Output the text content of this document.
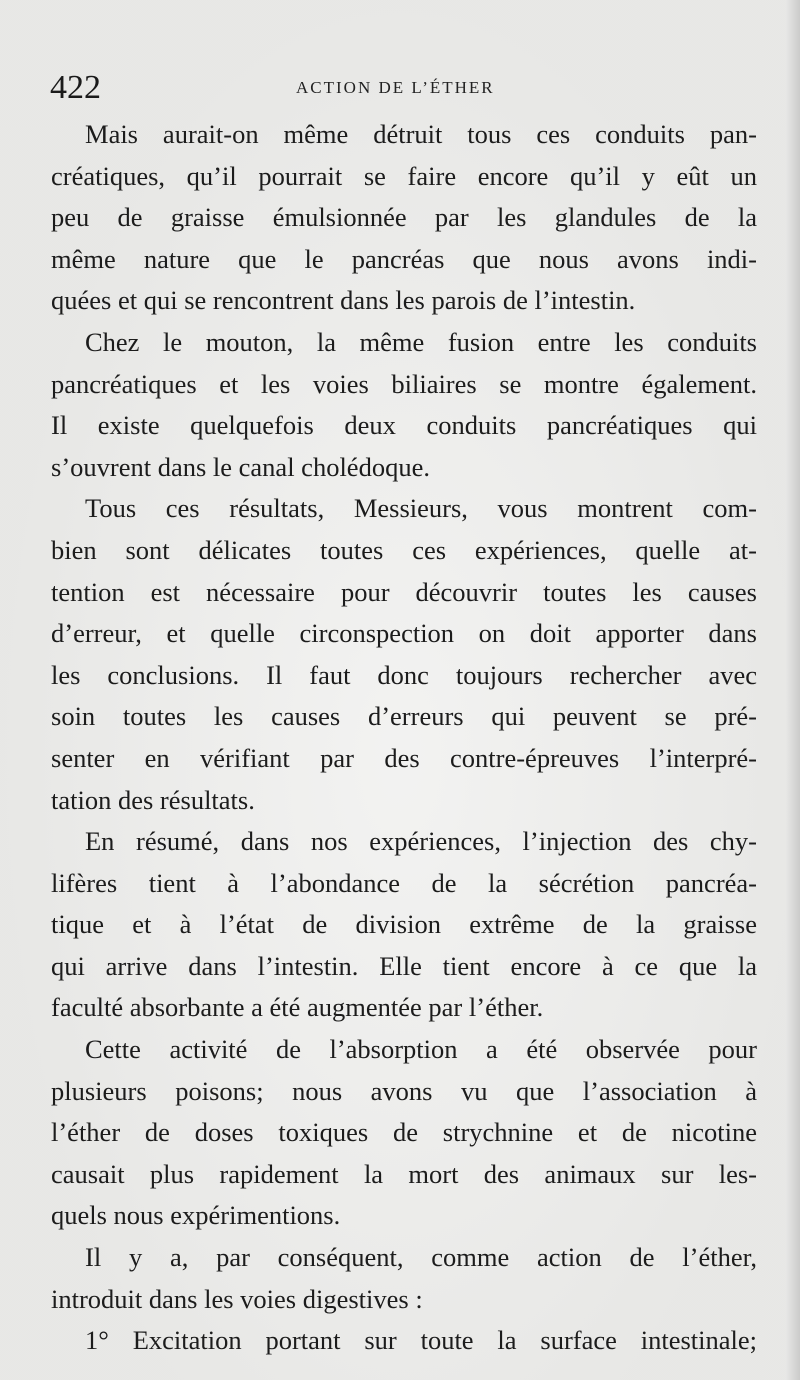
422	ACTION DE L’ÉTHER
Mais aurait-on même détruit tous ces conduits pan-
créatiques, qu’il pourrait se faire encore qu’il y eût un
peu de graisse émulsionnée par les glandules de la
même nature que le pancréas que nous avons indi-
quées et qui se rencontrent dans les parois de l’intestin.
Chez le mouton, la même fusion entre les conduits
pancréatiques et les voies biliaires se montre également.
Il existe quelquefois deux conduits pancréatiques qui
s’ouvrent dans le canal cholédoque.
Tous ces résultats, Messieurs, vous montrent com-
bien sont délicates toutes ces expériences, quelle at-
tention est nécessaire pour découvrir toutes les causes
d’erreur, et quelle circonspection on doit apporter dans
les conclusions. Il faut donc toujours rechercher avec
soin toutes les causes d’erreurs qui peuvent se pré-
senter en vérifiant par des contre-épreuves l’interpré-
tation des résultats.
En résumé, dans nos expériences, l’injection des chy-
lifères tient à l’abondance de la sécrétion pancréa-
tique et à l’état de division extrême de la graisse
qui arrive dans l’intestin. Elle tient encore à ce que la
faculté absorbante a été augmentée par l’éther.
Cette activité de l’absorption a été observée pour
plusieurs poisons; nous avons vu que l’association à
l’éther de doses toxiques de strychnine et de nicotine
causait plus rapidement la mort des animaux sur les-
quels nous expérimentions.
Il y a, par conséquent, comme action de l’éther,
introduit dans les voies digestives :
1° Excitation portant sur toute la surface intestinale;
